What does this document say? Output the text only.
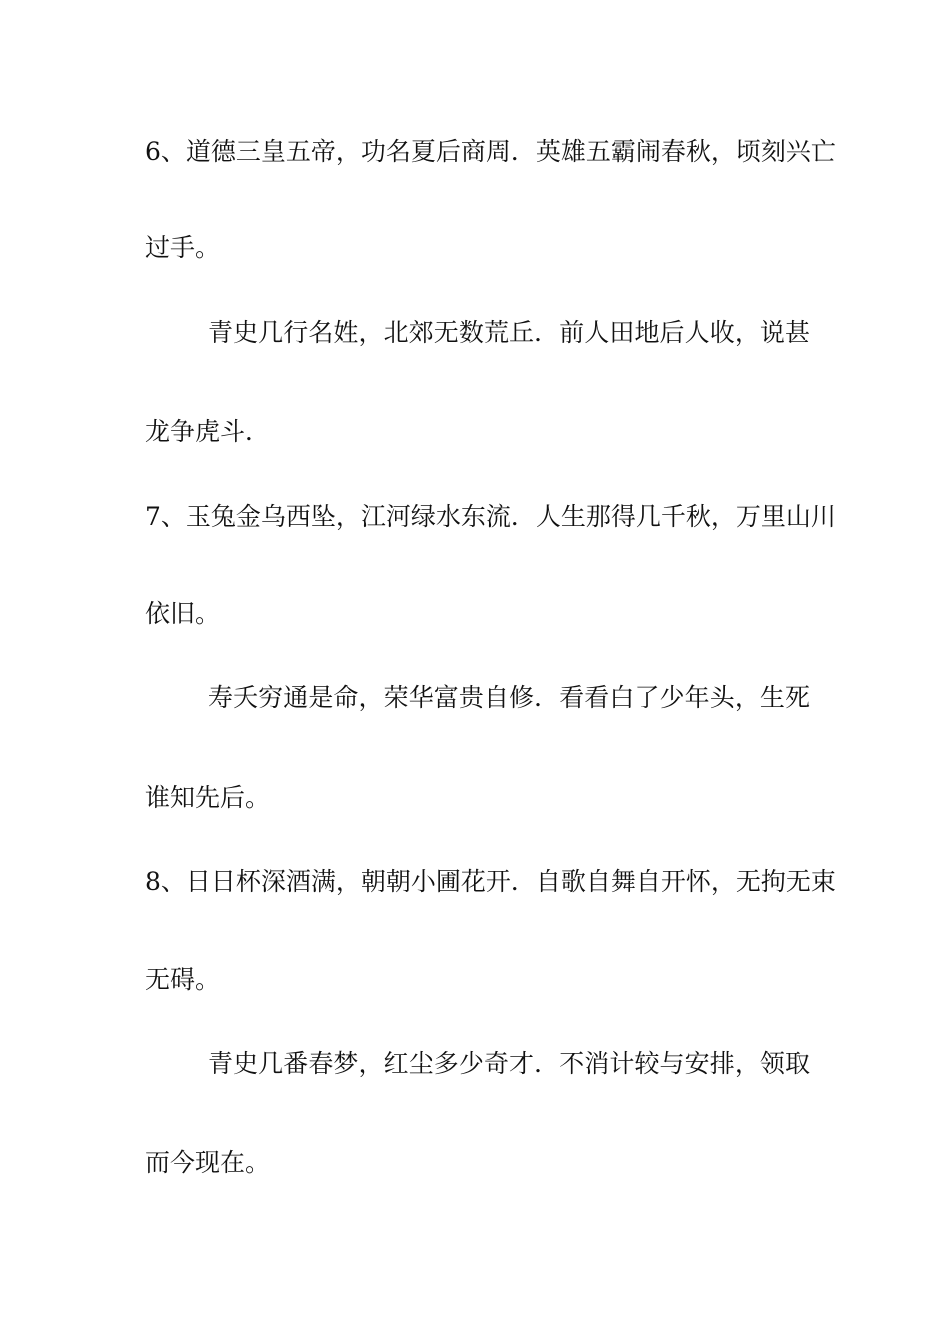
6、道德三皇五帝，功名夏后商周．英雄五霸闹春秋，顷刻兴亡
过手。
青史几行名姓，北郊无数荒丘．前人田地后人收，说甚
龙争虎斗．
7、玉兔金乌西坠，江河绿水东流．人生那得几千秋，万里山川
依旧。
寿夭穷通是命，荣华富贵自修．看看白了少年头，生死
谁知先后。
8、日日杯深酒满，朝朝小圃花开．自歌自舞自开怀，无拘无束
无碍。
青史几番春梦，红尘多少奇才．不消计较与安排，领取
而今现在。
